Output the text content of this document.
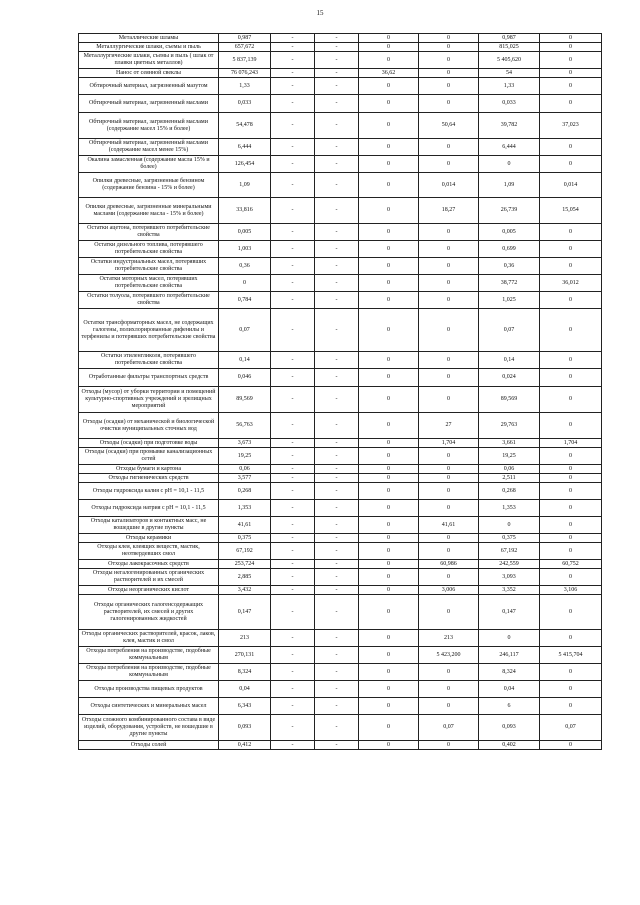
15
Металлические шламы	0,987	-	-	0	0	0,987	0
Металлургические шлаки, съемы и пыль	657,672	-	-	0	0	815,025	0
Металлургические шлаки, съемы и пыль ( шлак от плавки цветных металлов)	5 837,139	-	-	0	0	5 405,620	0
Нанос от сеянной свеклы	76 076,243	-	-	36,62	0	54	0
Обтирочный материал, загрязненный мазутом	1,33	-	-	0	0	1,33	0
Обтирочный материал, загрязненный маслами	0,033	-	-	0	0	0,033	0
Обтирочный материал, загрязненный маслами (содержание масел 15% и более)	54,478	-	-	0	50,64	39,782	37,023
Обтирочный материал, загрязненный маслами (содержание масел менее 15%)	6,444	-	-	0	0	6,444	0
Окалина замасленная (содержание масла 15% и более)	126,454	-	-	0	0	0	0
Опилки древесные, загрязненные бензином (содержание бензина - 15% и более)	1,09	-	-	0	0,014	1,09	0,014
Опилки древесные, загрязненные минеральными маслами (содержание масла - 15% и более)	33,816	-	-	0	18,27	26,739	15,054
Остатки ацетона, потерявшего потребительские свойства	0,005	-	-	0	0	0,005	0
Остатки дизельного топлива, потерявшего потребительские свойства	1,003	-	-	0	0	0,699	0
Остатки индустриальных масел, потерявших потребительские свойства	0,36	-	-	0	0	0,36	0
Остатки моторных масел, потерявших потребительские свойства	0	-	-	0	0	38,772	36,012
Остатки толуола, потерявшего потребительские свойства	0,784	-	-	0	0	1,025	0
Остатки трансформаторных масел, не содержащих галогены, полихлорированные дифенилы и терфенилы и потерявших потребительские свойства	0,07	-	-	0	0	0,07	0
Остатки этиленгликоля, потерявшего потребительские свойства	0,14	-	-	0	0	0,14	0
Отработанные фильтры транспортных средств	0,046	-	-	0	0	0,024	0
Отходы (мусор) от уборки территории и помещений культурно-спортивных учреждений и зрелищных мероприятий	89,569	-	-	0	0	89,569	0
Отходы (осадки) от механической и биологической очистки муниципальных сточных вод	56,763	-	-	0	27	29,763	0
Отходы (осадки) при подготовке воды	3,673	-	-	0	1,704	3,661	1,704
Отходы (осадки) при промывке канализационных сетей	19,25	-	-	0	0	19,25	0
Отходы бумаги и картона	0,06	-	-	0	0	0,06	0
Отходы гигиенических средств	3,577	-	-	0	0	2,511	0
Отходы гидроксида калия с pH = 10,1 - 11,5	0,268	-	-	0	0	0,268	0
Отходы гидроксида натрия с pH = 10,1 - 11,5	1,353	-	-	0	0	1,353	0
Отходы катализаторов и контактных масс, не вошедшие в другие пункты	41,61	-	-	0	41,61	0	0
Отходы керамики	0,375	-	-	0	0	0,375	0
Отходы клея, клеящих веществ, мастик, неотвердевших смол	67,192	-	-	0	0	67,192	0
Отходы лакокрасочных средств	253,724	-	-	0	60,986	242,559	60,752
Отходы негалогенированных органических растворителей и их смесей	2,885	-	-	0	0	3,093	0
Отходы неорганических кислот	3,432	-	-	0	3,006	3,352	3,106
Отходы органических галогенсодержащих растворителей, их смесей и других галогенированных жидкостей	0,147	-	-	0	0	0,147	0
Отходы органических растворителей, красок, лаков, клея, мастик и смол	213	-	-	0	213	0	0
Отходы потребления на производстве, подобные коммунальным	270,131	-	-	0	5 423,200	246,117	5 415,704
Отходы потребления на производстве, подобные коммунальным	8,324	-	-	0	0	8,324	0
Отходы производства пищевых продуктов	0,04	-	-	0	0	0,04	0
Отходы синтетических и минеральных масел	6,343	-	-	0	0	6	0
Отходы сложного комбинированного состава в виде изделий, оборудования, устройств, не вошедшие в другие пункты	0,093	-	-	0	0,07	0,093	0,07
Отходы солей	0,412	-	-	0	0	0,402	0
